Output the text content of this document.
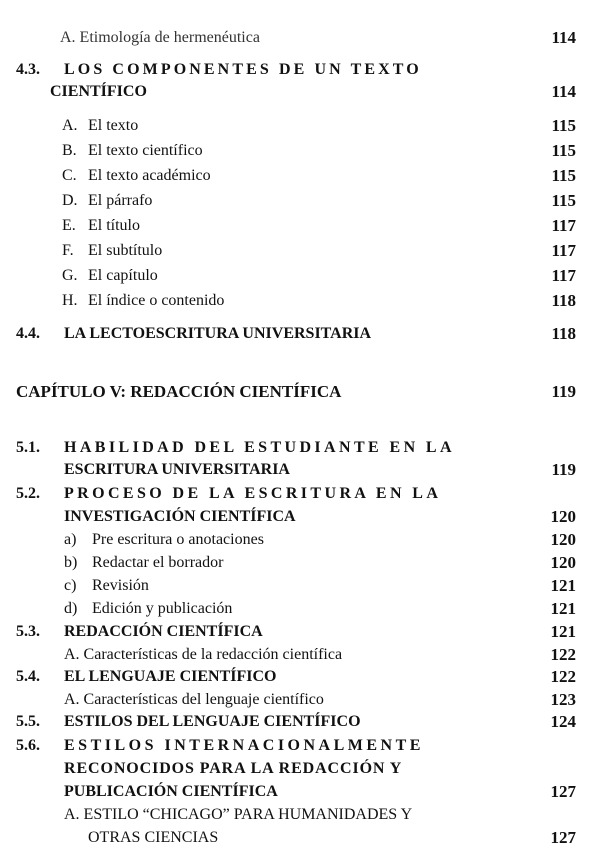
A. Etimología de hermenéutica	114
4.3. LOS COMPONENTES DE UN TEXTO
CIENTÍFICO	114
A. El texto	115
B. El texto científico	115
C. El texto académico	115
D. El párrafo	115
E. El título	117
F. El subtítulo	117
G. El capítulo	117
H. El índice o contenido	118
4.4. LA LECTOESCRITURA UNIVERSITARIA	118
CAPÍTULO V: REDACCIÓN CIENTÍFICA	119
5.1. HABILIDAD DEL ESTUDIANTE EN LA
ESCRITURA UNIVERSITARIA	119
5.2. PROCESO DE LA ESCRITURA EN LA
INVESTIGACIÓN CIENTÍFICA	120
a) Pre escritura o anotaciones	120
b) Redactar el borrador	120
c) Revisión	121
d) Edición y publicación	121
5.3. REDACCIÓN CIENTÍFICA	121
A. Características de la redacción científica	122
5.4. EL LENGUAJE CIENTÍFICO	122
A. Características del lenguaje científico	123
5.5. ESTILOS DEL LENGUAJE CIENTÍFICO	124
5.6. ESTILOS INTERNACIONALMENTE
RECONOCIDOS PARA LA REDACCIÓN Y
PUBLICACIÓN CIENTÍFICA	127
A. ESTILO “CHICAGO” PARA HUMANIDADES Y
OTRAS CIENCIAS	127
